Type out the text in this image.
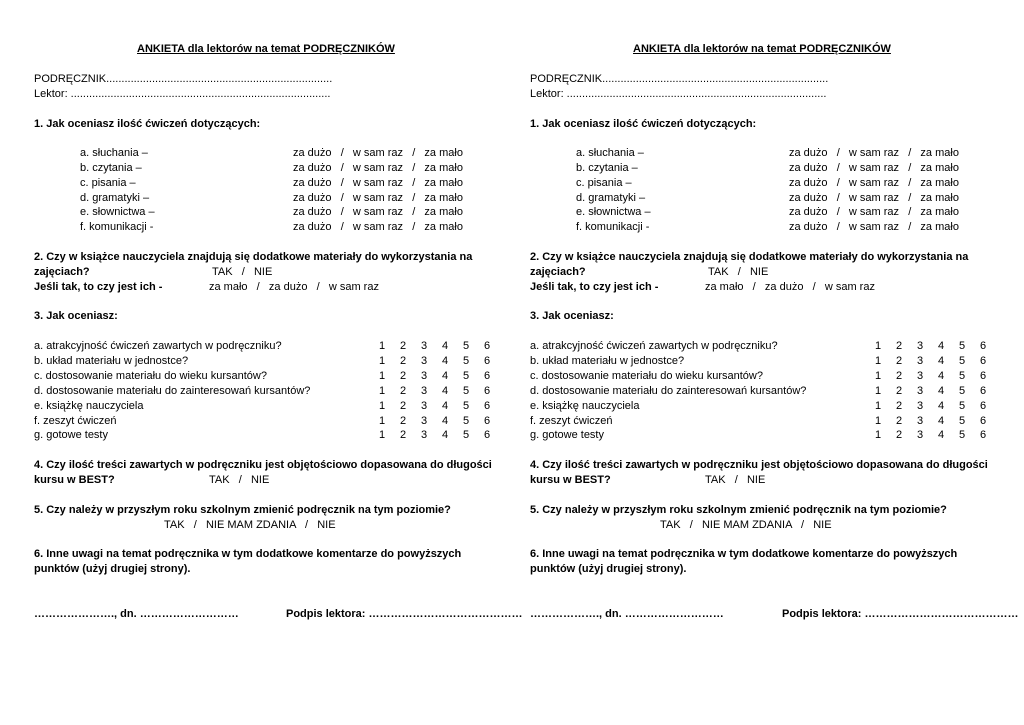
ANKIETA dla lektorów na temat PODRĘCZNIKÓW
PODRĘCZNIK..........................................................................
Lektor: .....................................................................................
1. Jak oceniasz ilość ćwiczeń dotyczących:
a. słuchania –	za dużo   /   w sam raz   /   za mało
b. czytania –	za dużo   /   w sam raz   /   za mało
c. pisania –	za dużo   /   w sam raz   /   za mało
d. gramatyki –	za dużo   /   w sam raz   /   za mało
e. słownictwa –	za dużo   /   w sam raz   /   za mało
f. komunikacji -	za dużo   /   w sam raz   /   za mało
2. Czy w książce nauczyciela znajdują się dodatkowe materiały do wykorzystania na
zajęciach?	TAK   /   NIE
Jeśli tak, to czy jest ich -	za mało   /   za dużo   /   w sam raz
3. Jak oceniasz:
a. atrakcyjność ćwiczeń zawartych w podręczniku?	1 2 3 4 5 6
b. układ materiału w jednostce?	1 2 3 4 5 6
c. dostosowanie materiału do wieku kursantów?	1 2 3 4 5 6
d. dostosowanie materiału do zainteresowań kursantów?	1 2 3 4 5 6
e. książkę nauczyciela	1 2 3 4 5 6
f. zeszyt ćwiczeń	1 2 3 4 5 6
g. gotowe testy	1 2 3 4 5 6
4. Czy ilość treści zawartych w podręczniku jest objętościowo dopasowana do długości
kursu w BEST?	TAK   /   NIE
5. Czy należy w przyszłym roku szkolnym zmienić podręcznik na tym poziomie?
TAK   /   NIE MAM ZDANIA   /   NIE
6. Inne uwagi na temat podręcznika w tym dodatkowe komentarze do powyższych
punktów (użyj drugiej strony).
…………………., dn. ………………………	Podpis lektora: ……………………………………
ANKIETA dla lektorów na temat PODRĘCZNIKÓW
PODRĘCZNIK..........................................................................
Lektor: .....................................................................................
1. Jak oceniasz ilość ćwiczeń dotyczących:
a. słuchania –	za dużo   /   w sam raz   /   za mało
b. czytania –	za dużo   /   w sam raz   /   za mało
c. pisania –	za dużo   /   w sam raz   /   za mało
d. gramatyki –	za dużo   /   w sam raz   /   za mało
e. słownictwa –	za dużo   /   w sam raz   /   za mało
f. komunikacji -	za dużo   /   w sam raz   /   za mało
2. Czy w książce nauczyciela znajdują się dodatkowe materiały do wykorzystania na
zajęciach?	TAK   /   NIE
Jeśli tak, to czy jest ich -	za mało   /   za dużo   /   w sam raz
3. Jak oceniasz:
a. atrakcyjność ćwiczeń zawartych w podręczniku?	1 2 3 4 5 6
b. układ materiału w jednostce?	1 2 3 4 5 6
c. dostosowanie materiału do wieku kursantów?	1 2 3 4 5 6
d. dostosowanie materiału do zainteresowań kursantów?	1 2 3 4 5 6
e. książkę nauczyciela	1 2 3 4 5 6
f. zeszyt ćwiczeń	1 2 3 4 5 6
g. gotowe testy	1 2 3 4 5 6
4. Czy ilość treści zawartych w podręczniku jest objętościowo dopasowana do długości
kursu w BEST?	TAK   /   NIE
5. Czy należy w przyszłym roku szkolnym zmienić podręcznik na tym poziomie?
TAK   /   NIE MAM ZDANIA   /   NIE
6. Inne uwagi na temat podręcznika w tym dodatkowe komentarze do powyższych
punktów (użyj drugiej strony).
………………., dn. ………………………	Podpis lektora: ……………………………………
